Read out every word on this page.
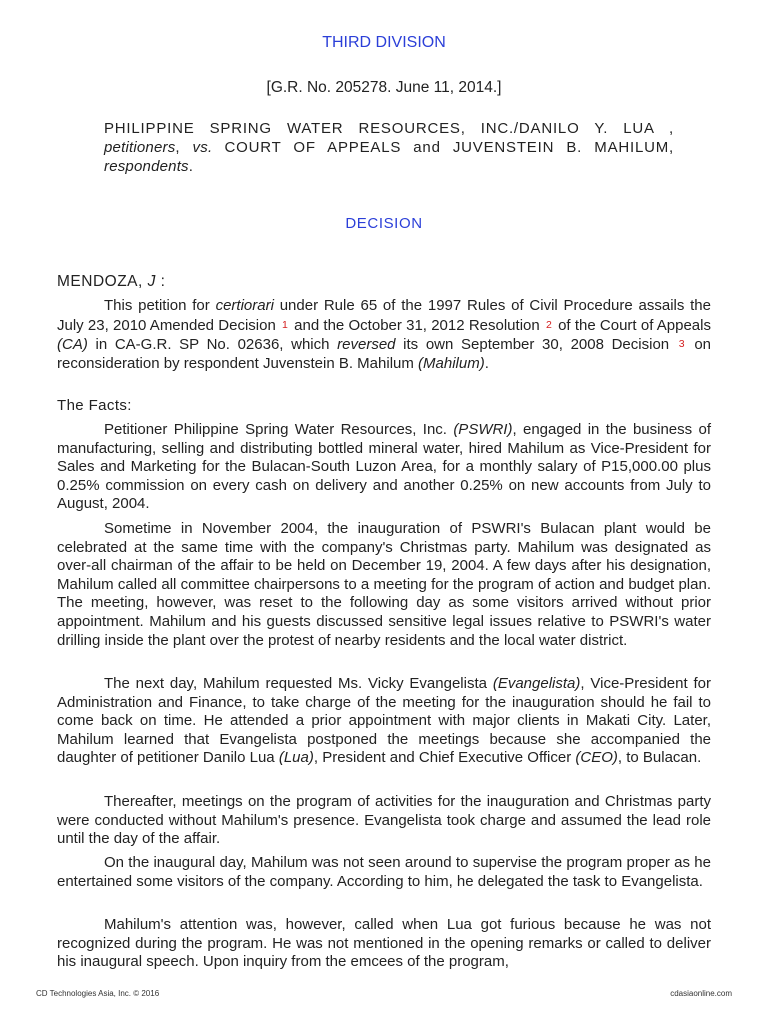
THIRD DIVISION
[G.R. No. 205278. June 11, 2014.]
PHILIPPINE SPRING WATER RESOURCES, INC./DANILO Y. LUA , petitioners, vs. COURT OF APPEALS and JUVENSTEIN B. MAHILUM, respondents.
DECISION
MENDOZA, J :

This petition for certiorari under Rule 65 of the 1997 Rules of Civil Procedure assails the July 23, 2010 Amended Decision 1 and the October 31, 2012 Resolution 2 of the Court of Appeals (CA) in CA-G.R. SP No. 02636, which reversed its own September 30, 2008 Decision 3 on reconsideration by respondent Juvenstein B. Mahilum (Mahilum).

The Facts:

Petitioner Philippine Spring Water Resources, Inc. (PSWRI), engaged in the business of manufacturing, selling and distributing bottled mineral water, hired Mahilum as Vice-President for Sales and Marketing for the Bulacan-South Luzon Area, for a monthly salary of P15,000.00 plus 0.25% commission on every cash on delivery and another 0.25% on new accounts from July to August, 2004.

Sometime in November 2004, the inauguration of PSWRI's Bulacan plant would be celebrated at the same time with the company's Christmas party. Mahilum was designated as over-all chairman of the affair to be held on December 19, 2004. A few days after his designation, Mahilum called all committee chairpersons to a meeting for the program of action and budget plan. The meeting, however, was reset to the following day as some visitors arrived without prior appointment. Mahilum and his guests discussed sensitive legal issues relative to PSWRI's water drilling inside the plant over the protest of nearby residents and the local water district.

The next day, Mahilum requested Ms. Vicky Evangelista (Evangelista), Vice-President for Administration and Finance, to take charge of the meeting for the inauguration should he fail to come back on time. He attended a prior appointment with major clients in Makati City. Later, Mahilum learned that Evangelista postponed the meetings because she accompanied the daughter of petitioner Danilo Lua (Lua), President and Chief Executive Officer (CEO), to Bulacan.

Thereafter, meetings on the program of activities for the inauguration and Christmas party were conducted without Mahilum's presence. Evangelista took charge and assumed the lead role until the day of the affair.

On the inaugural day, Mahilum was not seen around to supervise the program proper as he entertained some visitors of the company. According to him, he delegated the task to Evangelista.

Mahilum's attention was, however, called when Lua got furious because he was not recognized during the program. He was not mentioned in the opening remarks or called to deliver his inaugural speech. Upon inquiry from the emcees of the program,

CD Technologies Asia, Inc. © 2016	cdasiaonline.com
